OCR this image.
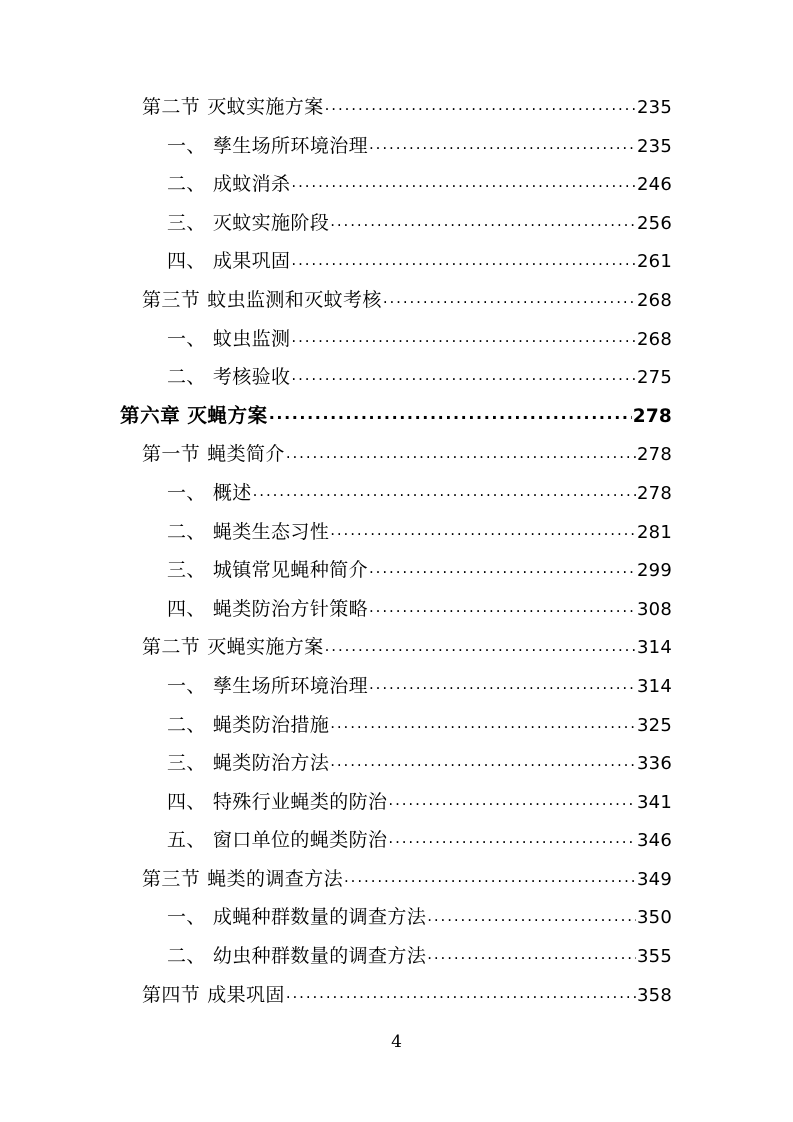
第二节 灭蚊实施方案 .....	235
一、 孳生场所环境治理 .....	235
二、 成蚊消杀 .....	246
三、 灭蚊实施阶段 .....	256
四、 成果巩固 .....	261
第三节 蚊虫监测和灭蚊考核 .....	268
一、 蚊虫监测 .....	268
二、 考核验收 .....	275
第六章 灭蝇方案 .....	278
第一节 蝇类简介 .....	278
一、 概述 .....	278
二、 蝇类生态习性 .....	281
三、 城镇常见蝇种简介 .....	299
四、 蝇类防治方针策略 .....	308
第二节 灭蝇实施方案 .....	314
一、 孳生场所环境治理 .....	314
二、 蝇类防治措施 .....	325
三、 蝇类防治方法 .....	336
四、 特殊行业蝇类的防治 .....	341
五、 窗口单位的蝇类防治 .....	346
第三节 蝇类的调查方法 .....	349
一、 成蝇种群数量的调查方法 .....	350
二、 幼虫种群数量的调查方法 .....	355
第四节 成果巩固 .....	358
4
